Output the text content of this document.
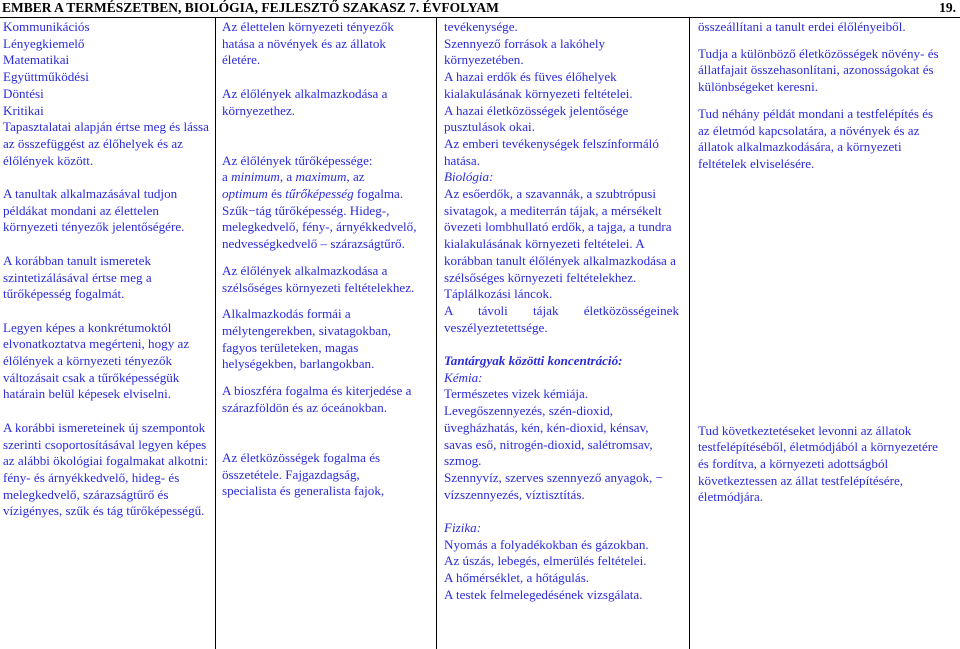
EMBER A TERMÉSZETBEN, BIOLÓGIA, FEJLESZTŐ SZAKASZ 7. ÉVFOLYAM	19.

Kommunikációs

Lényegkiemelő

Matematikai

Együttműködési

Döntési

Kritikai

Tapasztalatai alapján értse meg és lássa az összefüggést az élőhelyek és az élőlények között.

A tanultak alkalmazásával tudjon példákat mondani az élettelen környezeti tényezők jelentőségére.

A korábban tanult ismeretek szintetizálásával értse meg a tűrőképesség fogalmát.

Legyen képes a konkrétumoktól elvonatkoztatva megérteni, hogy az élőlények a környezeti tényezők változásait csak a tűrőképességük határain belül képesek elviselni.

A korábbi ismereteinek új szempontok szerinti csoportosításával legyen képes az alábbi ökológiai fogalmakat alkotni: fény- és árnyékkedvelő, hideg- és melegkedvelő, szárazságtűrő és vízigényes, szűk és tág tűrőképességű.

Az élettelen környezeti tényezők hatása a növények és az állatok életére.

Az élőlények alkalmazkodása a környezethez.

Az élőlények tűrőképessége:

a minimum, a maximum, az

optimum és tűrőképesség fogalma.

Szűk−tág tűrőképesség. Hideg-, melegkedvelő, fény-, árnyékkedvelő, nedvességkedvelő – szárazságtűrő.

Az élőlények alkalmazkodása a szélsőséges környezeti feltételekhez.

Alkalmazkodás formái a mélytengerekben, sivatagokban, fagyos területeken, magas helységekben, barlangokban.

A bioszféra fogalma és kiterjedése a szárazföldön és az óceánokban.

Az életközösségek fogalma és összetétele. Fajgazdagság, specialista és generalista fajok,

tevékenysége.

Szennyező források a lakóhely környezetében.

A hazai erdők és füves élőhelyek kialakulásának környezeti feltételei.

A hazai életközösségek jelentősége pusztulások okai.

Az emberi tevékenységek felszínformáló hatása.

Biológia:

Az esőerdők, a szavannák, a szubtrópusi sivatagok, a mediterrán tájak, a mérsékelt övezeti lombhullató erdők, a tajga, a tundra kialakulásának környezeti feltételei. A korábban tanult élőlények alkalmazkodása a szélsőséges környezeti feltételekhez.

Táplálkozási láncok.

A távoli tájak életközösségeinek veszélyeztetettsége.

Tantárgyak közötti koncentráció:

Kémia:

Természetes vizek kémiája.

Levegőszennyezés, szén-dioxid, üvegházhatás, kén, kén-dioxid, kénsav, savas eső, nitrogén-dioxid, salétromsav, szmog.

Szennyvíz, szerves szennyező anyagok, − vízszennyezés, víztisztítás.

Fizika:

Nyomás a folyadékokban és gázokban.

Az úszás, lebegés, elmerülés feltételei.

A hőmérséklet, a hőtágulás.

A testek felmelegedésének vizsgálata.

összeállítani a tanult erdei élőlényeiből.

Tudja a különböző életközösségek növény- és állatfajait összehasonlítani, azonosságokat és különbségeket keresni.

Tud néhány példát mondani a testfelépítés és az életmód kapcsolatára, a növények és az állatok alkalmazkodására, a környezeti feltételek elviselésére.

Tud következtetéseket levonni az állatok testfelépítéséből, életmódjából a környezetére és fordítva, a környezeti adottságból következtessen az állat testfelépítésére, életmódjára.
